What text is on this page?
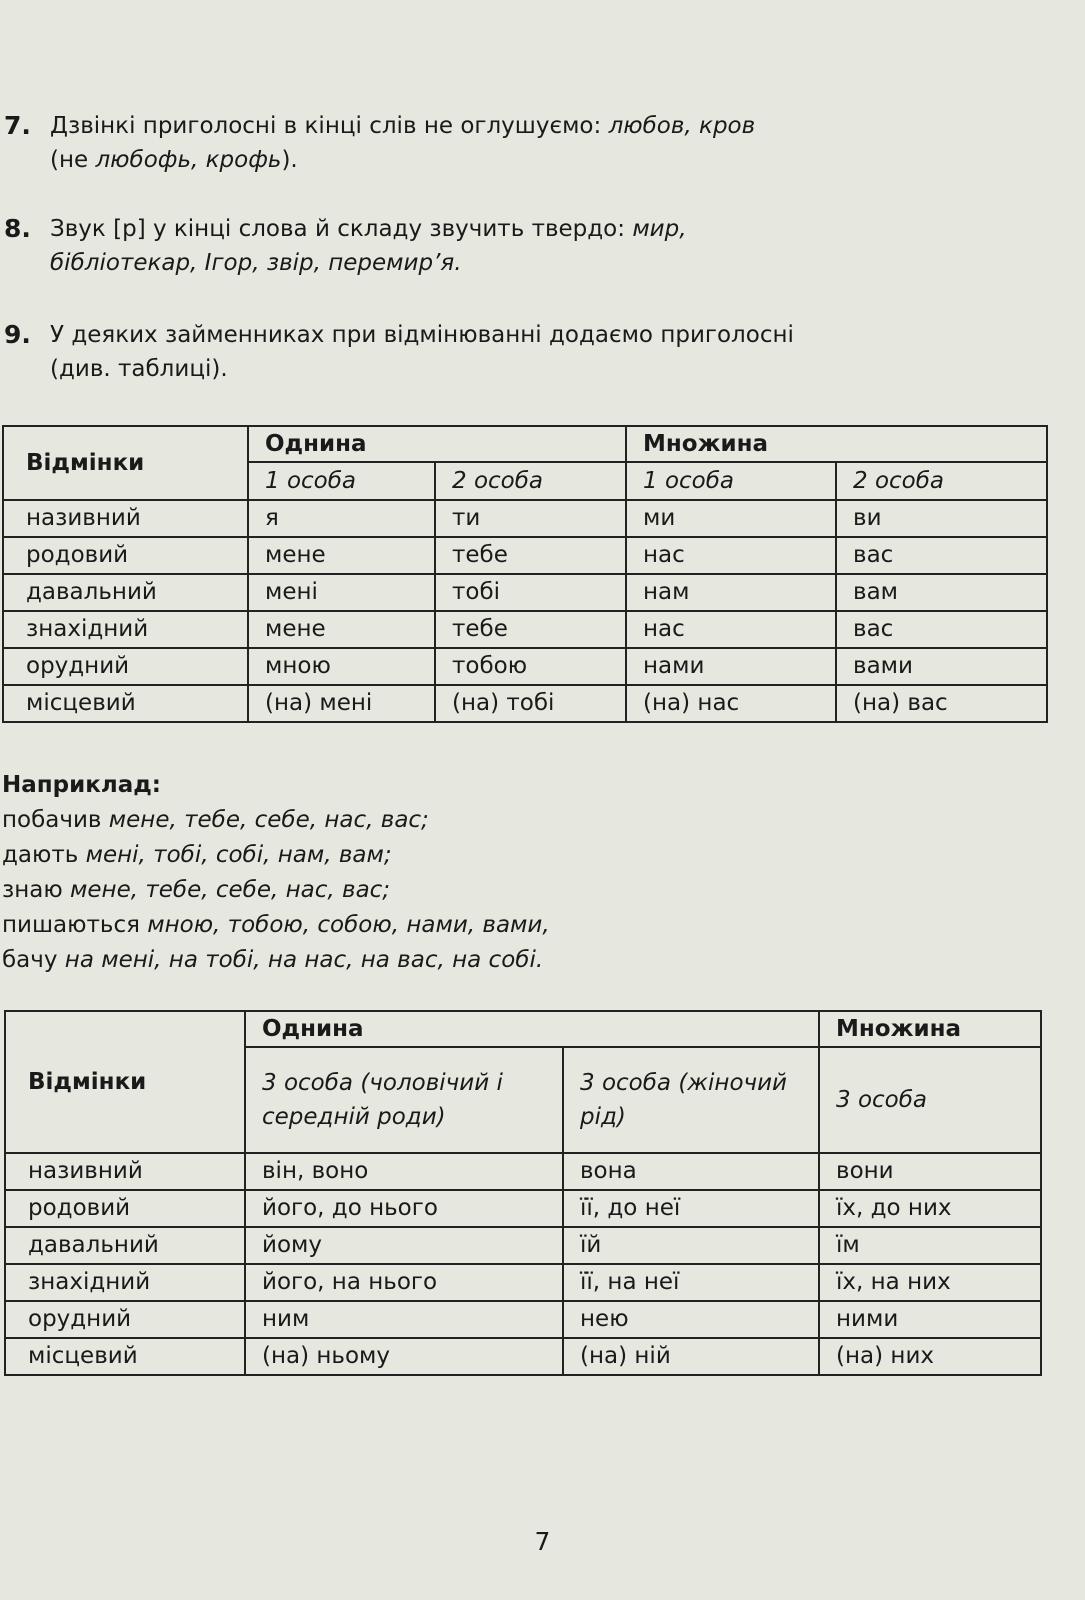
7. Дзвінкі приголосні в кінці слів не оглушуємо: любов, кров
(не любофь, крофь).
8. Звук [р] у кінці слова й складу звучить твердо: мир,
бібліотекар, Ігор, звір, перемир’я.
9. У деяких займенниках при відмінюванні додаємо приголосні
(див. таблиці).
Відмінки	Однина		Множина	
	1 особа	2 особа	1 особа	2 особа
називний	я	ти	ми	ви
родовий	мене	тебе	нас	вас
давальний	мені	тобі	нам	вам
знахідний	мене	тебе	нас	вас
орудний	мною	тобою	нами	вами
місцевий	(на) мені	(на) тобі	(на) нас	(на) вас
Наприклад:
побачив мене, тебе, себе, нас, вас;
дають мені, тобі, собі, нам, вам;
знаю мене, тебе, себе, нас, вас;
пишаються мною, тобою, собою, нами, вами,
бачу на мені, на тобі, на нас, на вас, на собі.
Відмінки	Однина		Множина
	3 особа (чоловічий і середній роди)	3 особа (жіночий рід)	3 особа
називний	він, воно	вона	вони
родовий	його, до нього	її, до неї	їх, до них
давальний	йому	їй	їм
знахідний	його, на нього	її, на неї	їх, на них
орудний	ним	нею	ними
місцевий	(на) ньому	(на) ній	(на) них
7
